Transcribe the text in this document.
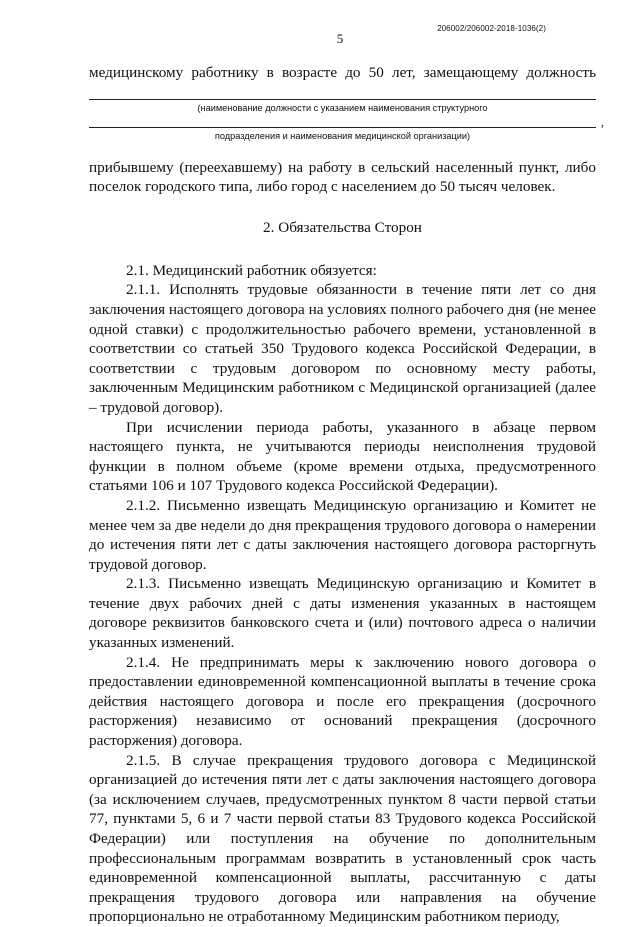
206002/206002-2018-1036(2)
5

медицинскому работнику в возрасте до 50 лет, замещающему должность

(наименование должности с указанием наименования структурного
,
подразделения и наименования медицинской организации)

прибывшему (переехавшему) на работу в сельский населенный пункт, либо поселок городского типа, либо город с населением до 50 тысяч человек.

2. Обязательства Сторон

2.1. Медицинский работник обязуется:

2.1.1. Исполнять трудовые обязанности в течение пяти лет со дня заключения настоящего договора на условиях полного рабочего дня (не менее одной ставки) с продолжительностью рабочего времени, установленной в соответствии со статьей 350 Трудового кодекса Российской Федерации, в соответствии с трудовым договором по основному месту работы, заключенным Медицинским работником с Медицинской организацией (далее – трудовой договор).

При исчислении периода работы, указанного в абзаце первом настоящего пункта, не учитываются периоды неисполнения трудовой функции в полном объеме (кроме времени отдыха, предусмотренного статьями 106 и 107 Трудового кодекса Российской Федерации).

2.1.2. Письменно извещать Медицинскую организацию и Комитет не менее чем за две недели до дня прекращения трудового договора о намерении до истечения пяти лет с даты заключения настоящего договора расторгнуть трудовой договор.

2.1.3. Письменно извещать Медицинскую организацию и Комитет в течение двух рабочих дней с даты изменения указанных в настоящем договоре реквизитов банковского счета и (или) почтового адреса о наличии указанных изменений.

2.1.4. Не предпринимать меры к заключению нового договора о предоставлении единовременной компенсационной выплаты в течение срока действия настоящего договора и после его прекращения (досрочного расторжения) независимо от оснований прекращения (досрочного расторжения) договора.

2.1.5. В случае прекращения трудового договора с Медицинской организацией до истечения пяти лет с даты заключения настоящего договора (за исключением случаев, предусмотренных пунктом 8 части первой статьи 77, пунктами 5, 6 и 7 части первой статьи 83 Трудового кодекса Российской Федерации) или поступления на обучение по дополнительным профессиональным программам возвратить в установленный срок часть единовременной компенсационной выплаты, рассчитанную с даты прекращения трудового договора или направления на обучение пропорционально не отработанному Медицинским работником периоду,
